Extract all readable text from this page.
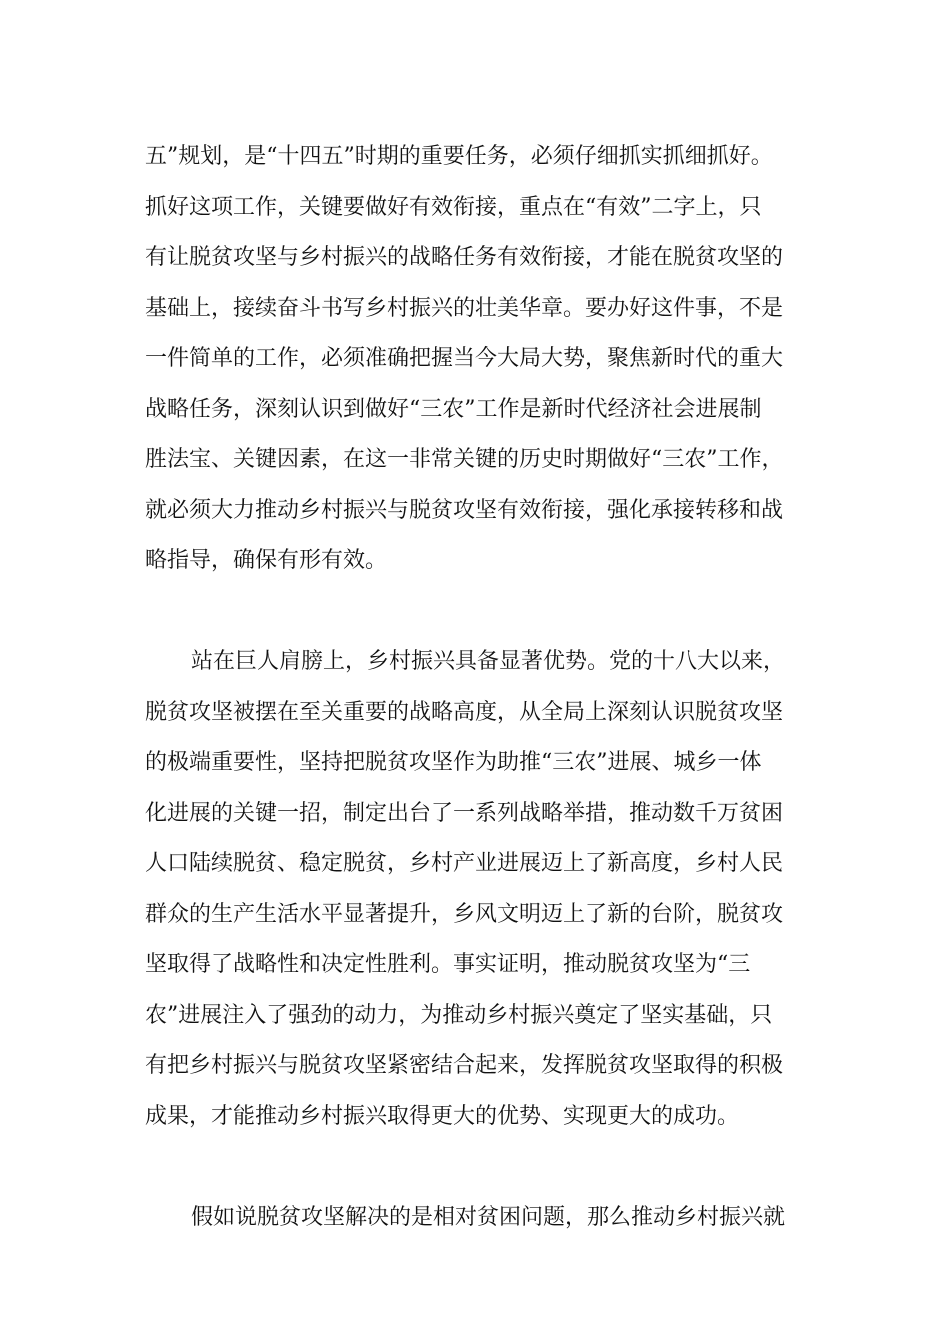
五”规划，是“十四五”时期的重要任务，必须仔细抓实抓细抓好。
抓好这项工作，关键要做好有效衔接，重点在“有效”二字上，只
有让脱贫攻坚与乡村振兴的战略任务有效衔接，才能在脱贫攻坚的
基础上，接续奋斗书写乡村振兴的壮美华章。要办好这件事，不是
一件简单的工作，必须准确把握当今大局大势，聚焦新时代的重大
战略任务，深刻认识到做好“三农”工作是新时代经济社会进展制
胜法宝、关键因素，在这一非常关键的历史时期做好“三农”工作，
就必须大力推动乡村振兴与脱贫攻坚有效衔接，强化承接转移和战
略指导，确保有形有效。
站在巨人肩膀上，乡村振兴具备显著优势。党的十八大以来，
脱贫攻坚被摆在至关重要的战略高度，从全局上深刻认识脱贫攻坚
的极端重要性，坚持把脱贫攻坚作为助推“三农”进展、城乡一体
化进展的关键一招，制定出台了一系列战略举措，推动数千万贫困
人口陆续脱贫、稳定脱贫，乡村产业进展迈上了新高度，乡村人民
群众的生产生活水平显著提升，乡风文明迈上了新的台阶，脱贫攻
坚取得了战略性和决定性胜利。事实证明，推动脱贫攻坚为“三
农”进展注入了强劲的动力，为推动乡村振兴奠定了坚实基础，只
有把乡村振兴与脱贫攻坚紧密结合起来，发挥脱贫攻坚取得的积极
成果，才能推动乡村振兴取得更大的优势、实现更大的成功。
假如说脱贫攻坚解决的是相对贫困问题，那么推动乡村振兴就
